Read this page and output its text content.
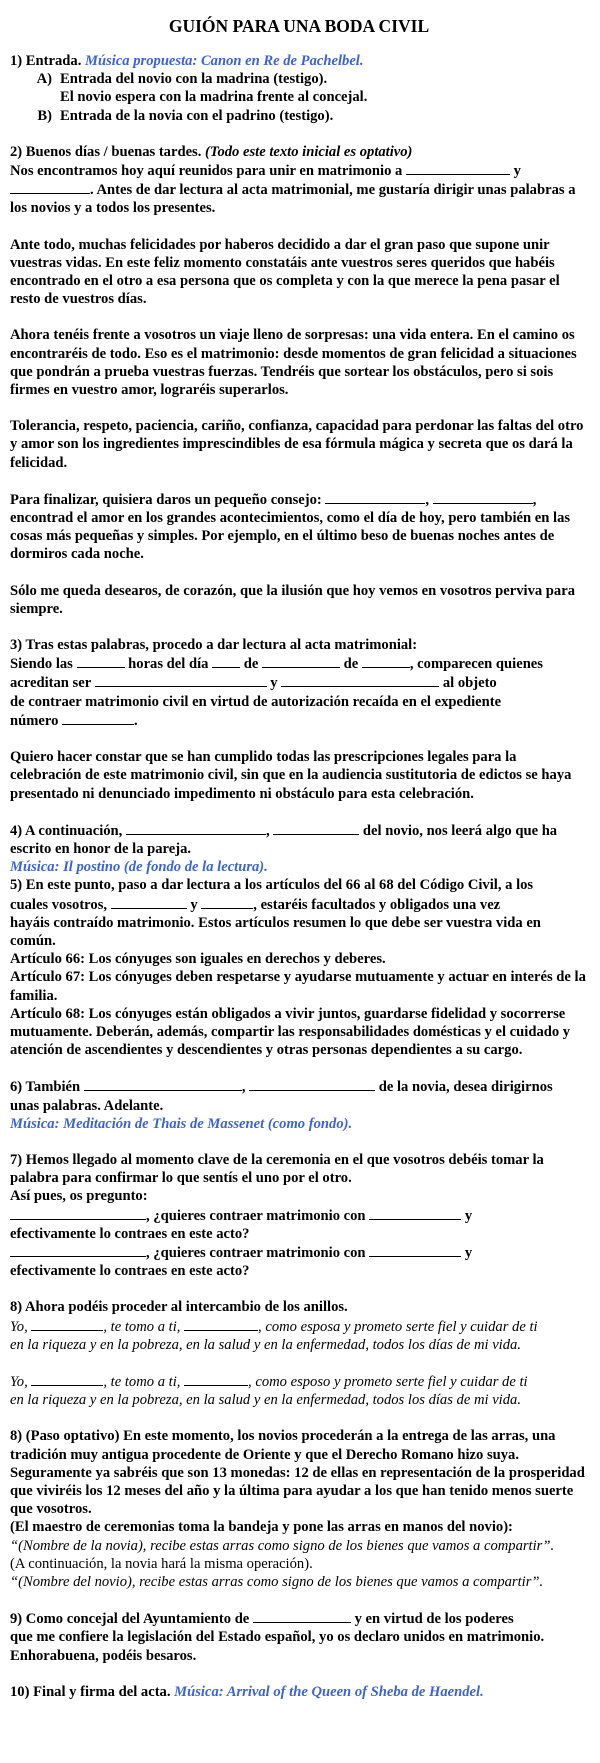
GUIÓN PARA UNA BODA CIVIL

1) Entrada. Música propuesta: Canon en Re de Pachelbel.

A) Entrada del novio con la madrina (testigo).
El novio espera con la madrina frente al concejal.
B) Entrada de la novia con el padrino (testigo).

2) Buenos días / buenas tardes. (Todo este texto inicial es optativo)

Nos encontramos hoy aquí reunidos para unir en matrimonio a	y
. Antes de dar lectura al acta matrimonial, me gustaría dirigir unas palabras a los novios y a todos los presentes.

Ante todo, muchas felicidades por haberos decidido a dar el gran paso que supone unir vuestras vidas. En este feliz momento constatáis ante vuestros seres queridos que habéis encontrado en el otro a esa persona que os completa y con la que merece la pena pasar el resto de vuestros días.

Ahora tenéis frente a vosotros un viaje lleno de sorpresas: una vida entera. En el camino os encontraréis de todo. Eso es el matrimonio: desde momentos de gran felicidad a situaciones que pondrán a prueba vuestras fuerzas. Tendréis que sortear los obstáculos, pero si sois firmes en vuestro amor, lograréis superarlos.

Tolerancia, respeto, paciencia, cariño, confianza, capacidad para perdonar las faltas del otro y amor son los ingredientes imprescindibles de esa fórmula mágica y secreta que os dará la felicidad.

Para finalizar, quisiera daros un pequeño consejo:	,	,
encontrad el amor en los grandes acontecimientos, como el día de hoy, pero también en las cosas más pequeñas y simples. Por ejemplo, en el último beso de buenas noches antes de dormiros cada noche.

Sólo me queda desearos, de corazón, que la ilusión que hoy vemos en vosotros perviva para siempre.

3) Tras estas palabras, procedo a dar lectura al acta matrimonial:

Siendo las	horas del día  de	de	, comparecen quienes
acreditan ser	y	al objeto
de contraer matrimonio civil en virtud de autorización recaída en el expediente
número	.

Quiero hacer constar que se han cumplido todas las prescripciones legales para la celebración de este matrimonio civil, sin que en la audiencia sustitutoria de edictos se haya presentado ni denunciado impedimento ni obstáculo para esta celebración.

4) A continuación,	,	del novio, nos leerá algo que ha
escrito en honor de la pareja.

Música: Il postino (de fondo de la lectura).

5) En este punto, paso a dar lectura a los artículos del 66 al 68 del Código Civil, a los
cuales vosotros,	y	, estaréis facultados y obligados una vez
hayáis contraído matrimonio. Estos artículos resumen lo que debe ser vuestra vida en común.

Artículo 66: Los cónyuges son iguales en derechos y deberes.

Artículo 67: Los cónyuges deben respetarse y ayudarse mutuamente y actuar en interés de la familia.

Artículo 68: Los cónyuges están obligados a vivir juntos, guardarse fidelidad y socorrerse mutuamente. Deberán, además, compartir las responsabilidades domésticas y el cuidado y atención de ascendientes y descendientes y otras personas dependientes a su cargo.

6) También	,	de la novia, desea dirigirnos
unas palabras. Adelante.

Música: Meditación de Thais de Massenet (como fondo).

7) Hemos llegado al momento clave de la ceremonia en el que vosotros debéis tomar la palabra para confirmar lo que sentís el uno por el otro.

Así pues, os pregunto:

, ¿quieres contraer matrimonio con	y
efectivamente lo contraes en este acto?
, ¿quieres contraer matrimonio con	y
efectivamente lo contraes en este acto?

8) Ahora podéis proceder al intercambio de los anillos.

Yo,	, te tomo a ti,	, como esposa y prometo serte fiel y cuidar de ti
en la riqueza y en la pobreza, en la salud y en la enfermedad, todos los días de mi vida.

Yo,	, te tomo a ti,	, como esposo y prometo serte fiel y cuidar de ti
en la riqueza y en la pobreza, en la salud y en la enfermedad, todos los días de mi vida.

8) (Paso optativo) En este momento, los novios procederán a la entrega de las arras, una tradición muy antigua procedente de Oriente y que el Derecho Romano hizo suya. Seguramente ya sabréis que son 13 monedas: 12 de ellas en representación de la prosperidad que viviréis los 12 meses del año y la última para ayudar a los que han tenido menos suerte que vosotros.

(El maestro de ceremonias toma la bandeja y pone las arras en manos del novio):

“(Nombre de la novia), recibe estas arras como signo de los bienes que vamos a compartir”.

(A continuación, la novia hará la misma operación).

“(Nombre del novio), recibe estas arras como signo de los bienes que vamos a compartir”.

9) Como concejal del Ayuntamiento de	y en virtud de los poderes
que me confiere la legislación del Estado español, yo os declaro unidos en matrimonio. Enhorabuena, podéis besaros.

10) Final y firma del acta. Música: Arrival of the Queen of Sheba de Haendel.
